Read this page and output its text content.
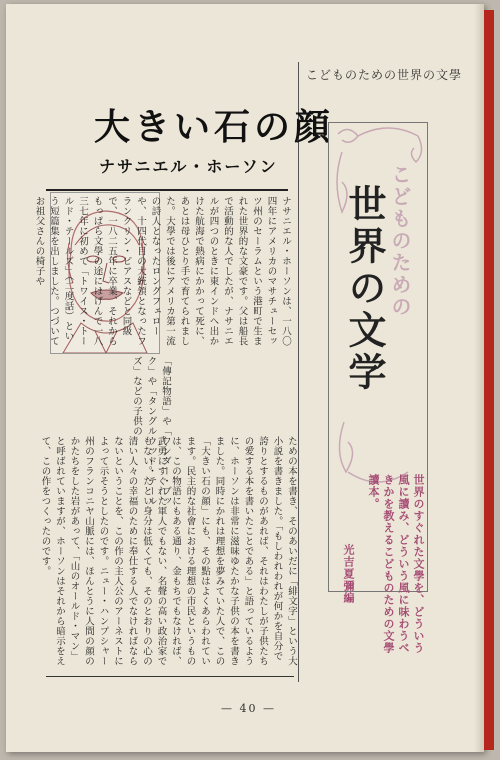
こどものための世界の文學
大きい石の顔
ナサニエル・ホーソン
ナサニエル・ホーソンは、一八〇四年にアメリカのマサチューセッツ州のセーラムという港町で生まれた世界的な文豪です。父は船長で活動的な人でしたが、ナサニエルが四つのときに東インドへ出かけた航海で熱病にかかって死に、あとは母ひとり手で育てられました。大學では後にアメリカ第一流の詩人となったロングフェローや、十四代目の大統領となったフランクリン・ピアスなどと同級で、一八二五年に卒業、それからもっぱら文學の途にはげんで一八三七年に初めて「トワイス・トールド・テールズ」（二度話）という短篇集を出しました。つづいてお祖父さんの椅子や
「傳記物語」や「ワンダー・ブック」や「タングルウッド・テールズ」などの子供の
ための本を書き、そのあいだに「緋文字」という大小説を書きました。「もしわれわれが何かを自分で誇りとするものがあれば、それはわたしが子供たちの愛する本を書いたことである」と語っているように、ホーソンは非常に滋味ゆたかな子供の本を書きました。同時にかれは理想を夢みていた人で、この「大きい石の顔」にも、その點はよくあらわれています。民主的な社會における理想の市民というものは、この物語にもある通り、金もちでもなければ、武勇にすぐれた軍人でもない、名聲の高い政治家でもない。たとい身分は低くても、そのとおりの心の清い人々の幸福のために奉仕する人でなければならないということを、この作の主人公のアーネストによって示そうとしたのです。ニュー・ハンプシャー州のフランコニヤ山脈には、ほんとうに人間の顔のかたちをした岩があって、「山のオールド・マン」と呼ばれていますが、ホーソンはそれから暗示をえて、この作をつくったのです。
— 40 —
こどものための
世界の文学
世界のすぐれた文學を、どういう風に讀み、どういう風に味わうべきかを教えるこどものための文學讀本。
光吉夏彌編
